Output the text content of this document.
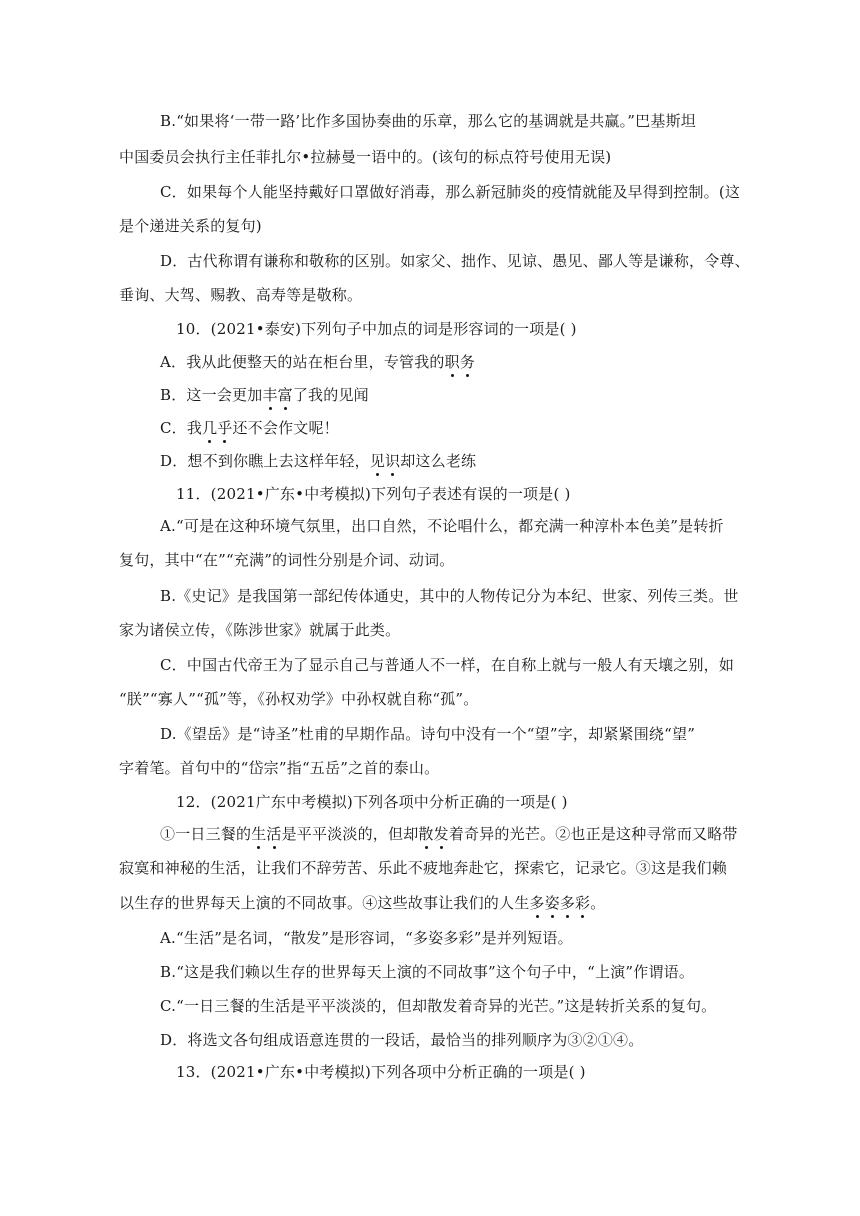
B.“如果将‘一带一路’比作多国协奏曲的乐章，那么它的基调就是共赢。”巴基斯坦
中国委员会执行主任菲扎尔•拉赫曼一语中的。(该句的标点符号使用无误)
C．如果每个人能坚持戴好口罩做好消毒，那么新冠肺炎的疫情就能及早得到控制。(这
是个递进关系的复句)
D．古代称谓有谦称和敬称的区别。如家父、拙作、见谅、愚见、鄙人等是谦称，令尊、
垂询、大驾、赐教、高寿等是敬称。
10．(2021•泰安)下列句子中加点的词是形容词的一项是( )
A．我从此便整天的站在柜台里，专管我的职务
B．这一会更加丰富了我的见闻
C．我几乎还不会作文呢！
D．想不到你瞧上去这样年轻，见识却这么老练
11．(2021•广东•中考模拟)下列句子表述有误的一项是( )
A.“可是在这种环境气氛里，出口自然，不论唱什么，都充满一种淳朴本色美”是转折
复句，其中“在”“充满”的词性分别是介词、动词。
B.《史记》是我国第一部纪传体通史，其中的人物传记分为本纪、世家、列传三类。世
家为诸侯立传，《陈涉世家》就属于此类。
C．中国古代帝王为了显示自己与普通人不一样，在自称上就与一般人有天壤之别，如
“朕”“寡人”“孤”等，《孙权劝学》中孙权就自称“孤”。
D.《望岳》是“诗圣”杜甫的早期作品。诗句中没有一个“望”字，却紧紧围绕“望”
字着笔。首句中的“岱宗”指“五岳”之首的泰山。
12．(2021广东中考模拟)下列各项中分析正确的一项是( )
①一日三餐的生活是平平淡淡的，但却散发着奇异的光芒。②也正是这种寻常而又略带
寂寞和神秘的生活，让我们不辞劳苦、乐此不疲地奔赴它，探索它，记录它。③这是我们赖
以生存的世界每天上演的不同故事。④这些故事让我们的人生多姿多彩。
A.“生活”是名词，“散发”是形容词，“多姿多彩”是并列短语。
B.“这是我们赖以生存的世界每天上演的不同故事”这个句子中，“上演”作谓语。
C.“一日三餐的生活是平平淡淡的，但却散发着奇异的光芒。”这是转折关系的复句。
D．将选文各句组成语意连贯的一段话，最恰当的排列顺序为③②①④。
13．(2021•广东•中考模拟)下列各项中分析正确的一项是( )
